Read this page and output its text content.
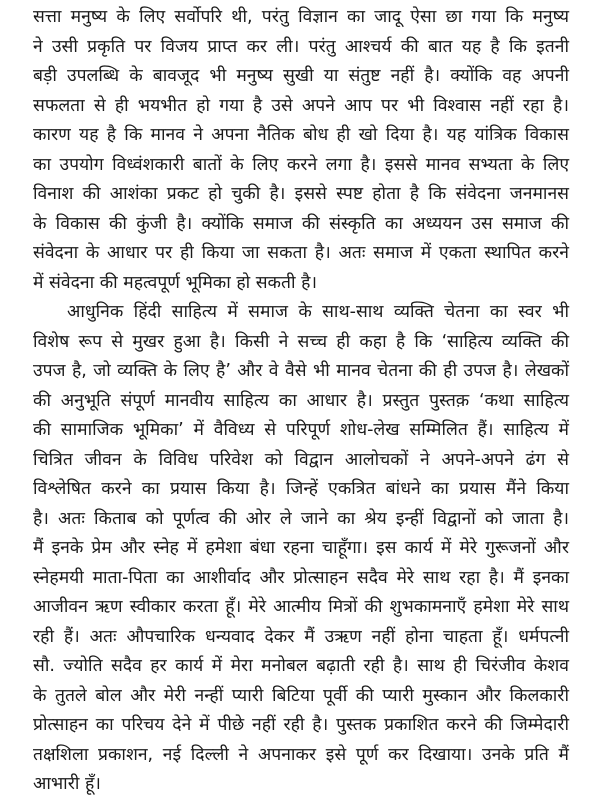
सत्ता मनुष्य के लिए सर्वोपरि थी, परंतु विज्ञान का जादू ऐसा छा गया कि मनुष्य
ने उसी प्रकृति पर विजय प्राप्त कर ली। परंतु आश्चर्य की बात यह है कि इतनी
बड़ी उपलब्धि के बावजूद भी मनुष्य सुखी या संतुष्ट नहीं है। क्योंकि वह अपनी
सफलता से ही भयभीत हो गया है उसे अपने आप पर भी विश्वास नहीं रहा है।
कारण यह है कि मानव ने अपना नैतिक बोध ही खो दिया है। यह यांत्रिक विकास
का उपयोग विध्वंशकारी बातों के लिए करने लगा है। इससे मानव सभ्यता के लिए
विनाश की आशंका प्रकट हो चुकी है। इससे स्पष्ट होता है कि संवेदना जनमानस
के विकास की कुंजी है। क्योंकि समाज की संस्कृति का अध्ययन उस समाज की
संवेदना के आधार पर ही किया जा सकता है। अतः समाज में एकता स्थापित करने
में संवेदना की महत्वपूर्ण भूमिका हो सकती है।
आधुनिक हिंदी साहित्य में समाज के साथ-साथ व्यक्ति चेतना का स्वर भी
विशेष रूप से मुखर हुआ है। किसी ने सच्च ही कहा है कि ‘साहित्य व्यक्ति की
उपज है, जो व्यक्ति के लिए है’ और वे वैसे भी मानव चेतना की ही उपज है। लेखकों
की अनुभूति संपूर्ण मानवीय साहित्य का आधार है। प्रस्तुत पुस्तक़ ‘कथा साहित्य
की सामाजिक भूमिका’ में वैविध्य से परिपूर्ण शोध-लेख सम्मिलित हैं। साहित्य में
चित्रित जीवन के विविध परिवेश को विद्वान आलोचकों ने अपने-अपने ढंग से
विश्लेषित करने का प्रयास किया है। जिन्हें एकत्रित बांधने का प्रयास मैंने किया
है। अतः किताब को पूर्णत्व की ओर ले जाने का श्रेय इन्हीं विद्वानों को जाता है।
मैं इनके प्रेम और स्नेह में हमेशा बंधा रहना चाहूँगा। इस कार्य में मेरे गुरूजनों और
स्नेहमयी माता-पिता का आशीर्वाद और प्रोत्साहन सदैव मेरे साथ रहा है। मैं इनका
आजीवन ऋण स्वीकार करता हूँ। मेरे आत्मीय मित्रों की शुभकामनाएँ हमेशा मेरे साथ
रही हैं। अतः औपचारिक धन्यवाद देकर मैं उऋण नहीं होना चाहता हूँ। धर्मपत्नी
सौ. ज्योति सदैव हर कार्य में मेरा मनोबल बढ़ाती रही है। साथ ही चिरंजीव केशव
के तुतले बोल और मेरी नन्हीं प्यारी बिटिया पूर्वी की प्यारी मुस्कान और किलकारी
प्रोत्साहन का परिचय देने में पीछे नहीं रही है। पुस्तक प्रकाशित करने की जिम्मेदारी
तक्षशिला प्रकाशन, नई दिल्ली ने अपनाकर इसे पूर्ण कर दिखाया। उनके प्रति मैं
आभारी हूँ।
